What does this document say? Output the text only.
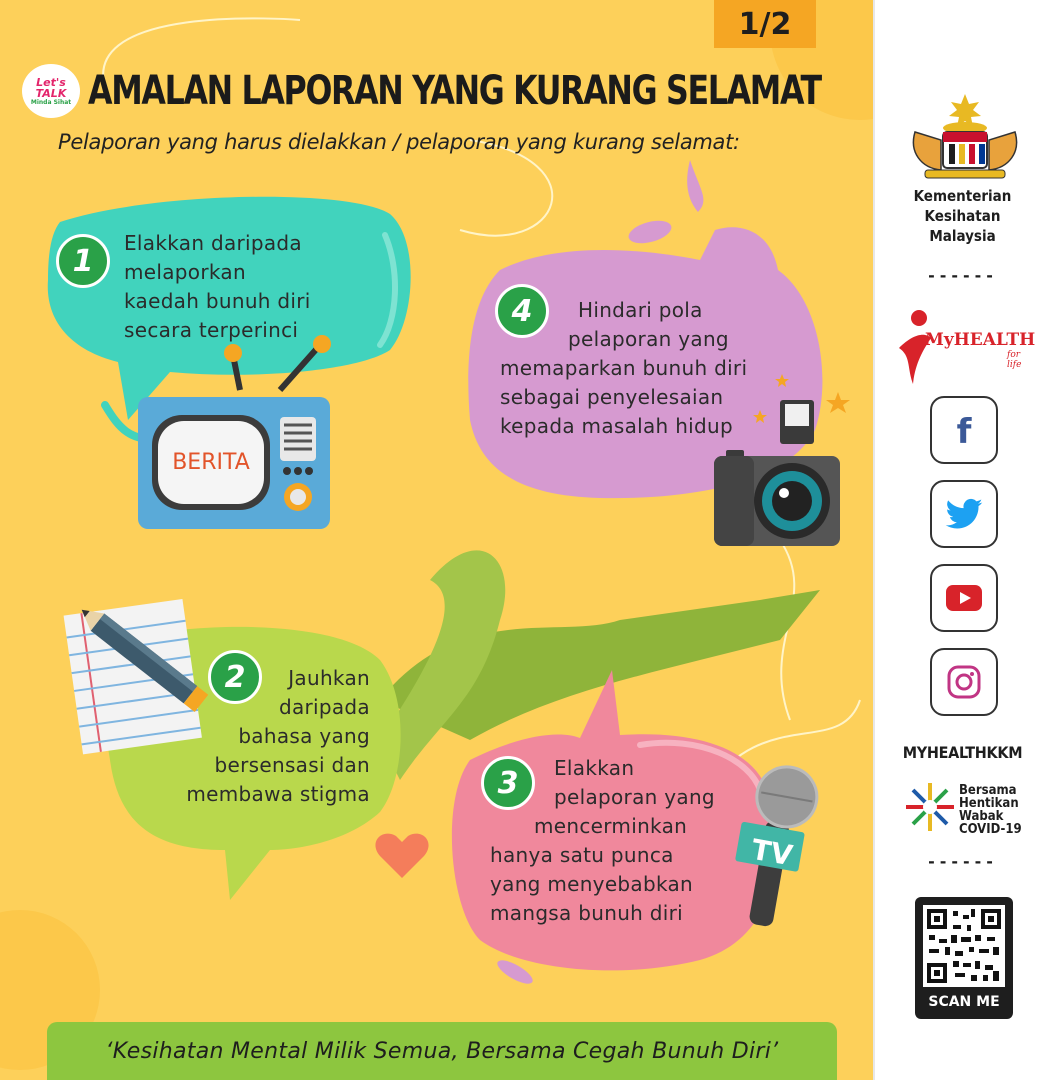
1/2
Let's
TALK
Minda Sihat AMALAN LAPORAN YANG KURANG SELAMAT
Pelaporan yang harus dielakkan / pelaporan yang kurang selamat:
1
Elakkan daripada
melaporkan
kaedah bunuh diri
secara terperinci
BERITA
4	Hindari pola
pelaporan yang
memaparkan bunuh diri
sebagai penyelesaian
kepada masalah hidup
2	Jauhkan
daripada
bahasa yang
bersensasi dan
membawa stigma	3	Elakkan
pelaporan yang
mencerminkan
hanya satu punca
yang menyebabkan
mangsa bunuh diri
TV
‘Kesihatan Mental Milik Semua, Bersama Cegah Bunuh Diri’
Kementerian
Kesihatan
Malaysia
------
MyHEALTH
for life
f
MYHEALTHKKM
Bersama
Hentikan
Wabak
COVID-19
------
SCAN ME
